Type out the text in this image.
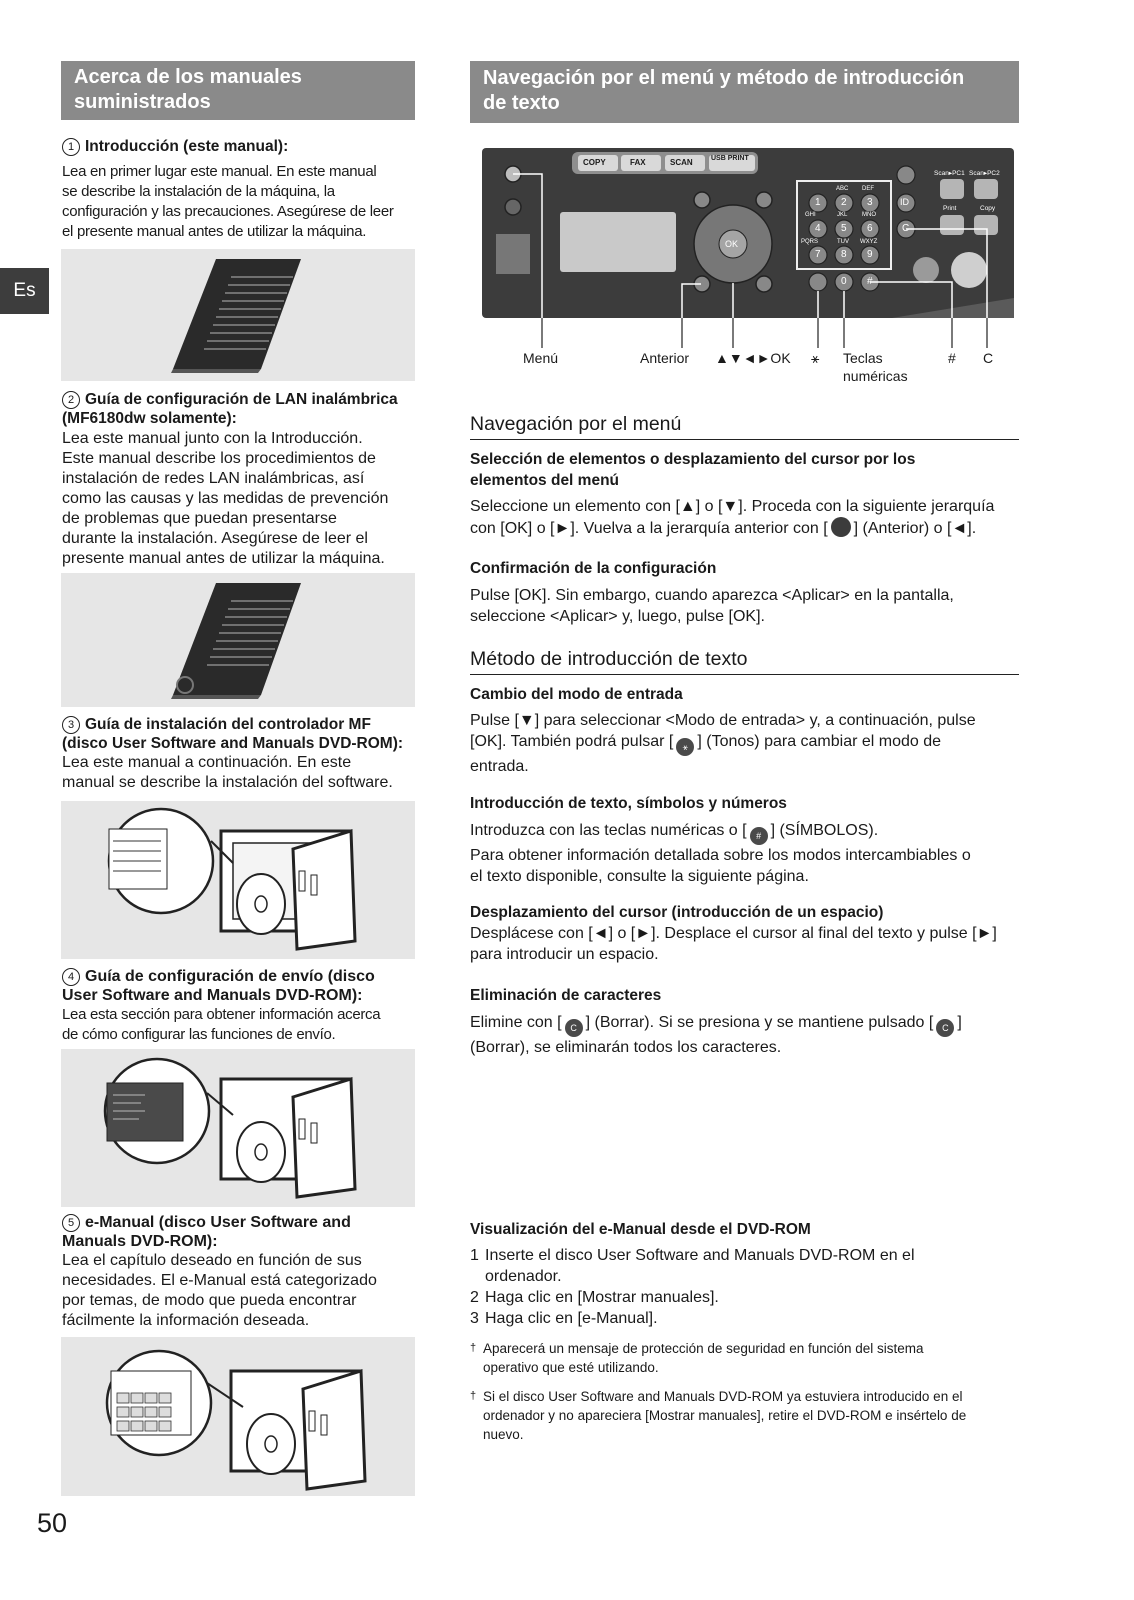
Es
Acerca de los manuales
suministrados
1 Introducción (este manual):
Lea en primer lugar este manual. En este manual
se describe la instalación de la máquina, la
configuración y las precauciones. Asegúrese de leer
el presente manual antes de utilizar la máquina.
2 Guía de configuración de LAN inalámbrica
(MF6180dw solamente):
Lea este manual junto con la Introducción.
Este manual describe los procedimientos de
instalación de redes LAN inalámbricas, así
como las causas y las medidas de prevención
de problemas que puedan presentarse
durante la instalación. Asegúrese de leer el
presente manual antes de utilizar la máquina.
3 Guía de instalación del controlador MF
(disco User Software and Manuals DVD-ROM):
Lea este manual a continuación. En este
manual se describe la instalación del software.
4 Guía de configuración de envío (disco
User Software and Manuals DVD-ROM):
Lea esta sección para obtener información acerca
de cómo configurar las funciones de envío.
5 e-Manual (disco User Software and
Manuals DVD-ROM):
Lea el capítulo deseado en función de sus
necesidades. El e-Manual está categorizado
por temas, de modo que pueda encontrar
fácilmente la información deseada.
50
Navegación por el menú y método de introducción
de texto
COPY	FAX	SCAN	USB PRINT
OK
1 2 3
4 5 6
7 8 9
0
ABC DEF
GHI	JKL MNO
PQRS	TUV WXYZ
ID
C
#
Scan▸PC1 Scan▸PC2
Print	Copy
Menú	Anterior ▲▼◄►OK ⚹ Teclas
numéricas
# C
Navegación por el menú
Selección de elementos o desplazamiento del cursor por los
elementos del menú
Seleccione un elemento con [▲] o [▼]. Proceda con la siguiente jerarquía
con [OK] o [►]. Vuelva a la jerarquía anterior con [ ] (Anterior) o [◄].
Confirmación de la configuración
Pulse [OK]. Sin embargo, cuando aparezca <Aplicar> en la pantalla,
seleccione <Aplicar> y, luego, pulse [OK].
Método de introducción de texto
Cambio del modo de entrada
Pulse [▼] para seleccionar <Modo de entrada> y, a continuación, pulse
[OK]. También podrá pulsar [ ⚹ ] (Tonos) para cambiar el modo de
entrada.
Introducción de texto, símbolos y números
Introduzca con las teclas numéricas o [ # ] (SÍMBOLOS).
Para obtener información detallada sobre los modos intercambiables o
el texto disponible, consulte la siguiente página.
Desplazamiento del cursor (introducción de un espacio)
Desplácese con [◄] o [►]. Desplace el cursor al final del texto y pulse [►]
para introducir un espacio.
Eliminación de caracteres
Elimine con [ C ] (Borrar). Si se presiona y se mantiene pulsado [ C ]
(Borrar), se eliminarán todos los caracteres.
Visualización del e-Manual desde el DVD-ROM
1 Inserte el disco User Software and Manuals DVD-ROM en el
ordenador.
2 Haga clic en [Mostrar manuales].
3 Haga clic en [e-Manual].
† Aparecerá un mensaje de protección de seguridad en función del sistema
operativo que esté utilizando.
† Si el disco User Software and Manuals DVD-ROM ya estuviera introducido en el
ordenador y no apareciera [Mostrar manuales], retire el DVD-ROM e insértelo de
nuevo.
